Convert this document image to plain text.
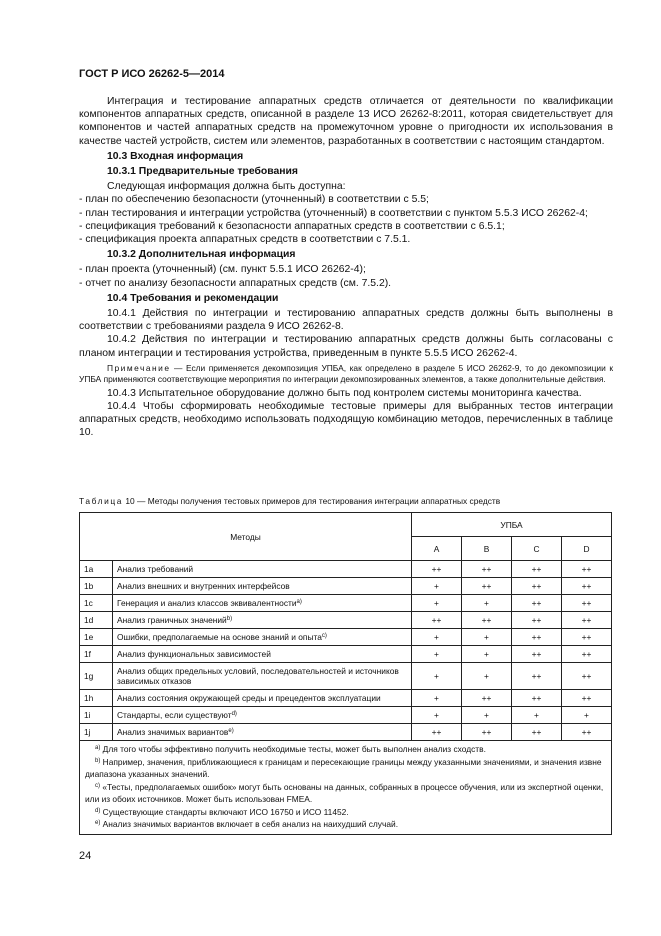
ГОСТ Р ИСО 26262-5—2014

Интеграция и тестирование аппаратных средств отличается от деятельности по квалификации компонентов аппаратных средств, описанной в разделе 13 ИСО 26262-8:2011, которая свидетельствует для компонентов и частей аппаратных средств на промежуточном уровне о пригодности их использования в качестве частей устройств, систем или элементов, разработанных в соответствии с настоящим стандартом.

10.3 Входная информация

10.3.1 Предварительные требования

Следующая информация должна быть доступна:

- план по обеспечению безопасности (уточненный) в соответствии с 5.5;

- план тестирования и интеграции устройства (уточненный) в соответствии с пунктом 5.5.3 ИСО 26262-4;

- спецификация требований к безопасности аппаратных средств в соответствии с 6.5.1;

- спецификация проекта аппаратных средств в соответствии с 7.5.1.

10.3.2 Дополнительная информация

- план проекта (уточненный) (см. пункт 5.5.1 ИСО 26262-4);

- отчет по анализу безопасности аппаратных средств (см. 7.5.2).

10.4 Требования и рекомендации

10.4.1 Действия по интеграции и тестированию аппаратных средств должны быть выполнены в соответствии с требованиями раздела 9 ИСО 26262-8.

10.4.2 Действия по интеграции и тестированию аппаратных средств должны быть согласованы с планом интеграции и тестирования устройства, приведенным в пункте 5.5.5 ИСО 26262-4.

Примечание — Если применяется декомпозиция УПБА, как определено в разделе 5 ИСО 26262-9, то до декомпозиции к УПБА применяются соответствующие мероприятия по интеграции декомпозированных элементов, а также дополнительные действия.

10.4.3 Испытательное оборудование должно быть под контролем системы мониторинга качества.

10.4.4 Чтобы сформировать необходимые тестовые примеры для выбранных тестов интеграции аппаратных средств, необходимо использовать подходящую комбинацию методов, перечисленных в таблице 10.

Таблица 10 — Методы получения тестовых примеров для тестирования интеграции аппаратных средств
Методы		УПБА			
		A	B	C	D
1a	Анализ требований	++	++	++	++
1b	Анализ внешних и внутренних интерфейсов	+	++	++	++
1c	Генерация и анализ классов эквивалентности$^{a)}$	+	+	++	++
1d	Анализ граничных значений$^{b)}$	++	++	++	++
1e	Ошибки, предполагаемые на основе знаний и опыта$^{c)}$	+	+	++	++
1f	Анализ функциональных зависимостей	+	+	++	++
1g	Анализ общих предельных условий, последовательностей и источников зависимых отказов	+	+	++	++
1h	Анализ состояния окружающей среды и прецедентов эксплуатации	+	++	++	++
1i	Стандарты, если существуют$^{d)}$	+	+	+	+
1j	Анализ значимых вариантов$^{e)}$	++	++	++	++

$^{a)}$ Для того чтобы эффективно получить необходимые тесты, может быть выполнен анализ сходств.

$^{b)}$ Например, значения, приближающиеся к границам и пересекающие границы между указанными значениями, и значения извне диапазона указанных значений.

$^{c)}$ «Тесты, предполагаемых ошибок» могут быть основаны на данных, собранных в процессе обучения, или из экспертной оценки, или из обоих источников. Может быть использован FMEA.

$^{d)}$ Существующие стандарты включают ИСО 16750 и ИСО 11452.

$^{e)}$ Анализ значимых вариантов включает в себя анализ на наихудший случай.					

24
